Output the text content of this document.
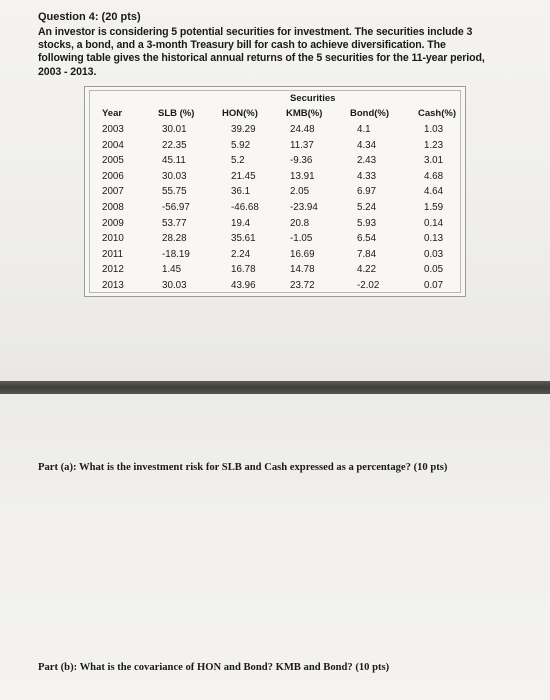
Question 4: (20 pts)
An investor is considering 5 potential securities for investment. The securities include 3
stocks, a bond, and a 3-month Treasury bill for cash to achieve diversification. The
following table gives the historical annual returns of the 5 securities for the 11-year period,
2003 - 2013.
Securities
Year	SLB (%)	HON(%)	KMB(%)	Bond(%)	Cash(%)
2003	30.01	39.29	24.48	4.1	1.03
2004	22.35	5.92	11.37	4.34	1.23
2005	45.11	5.2	-9.36	2.43	3.01
2006	30.03	21.45	13.91	4.33	4.68
2007	55.75	36.1	2.05	6.97	4.64
2008	-56.97	-46.68	-23.94	5.24	1.59
2009	53.77	19.4	20.8	5.93	0.14
2010	28.28	35.61	-1.05	6.54	0.13
2011	-18.19	2.24	16.69	7.84	0.03
2012	1.45	16.78	14.78	4.22	0.05
2013	30.03	43.96	23.72	-2.02	0.07
Part (a): What is the investment risk for SLB and Cash expressed as a percentage? (10 pts)
Part (b): What is the covariance of HON and Bond? KMB and Bond? (10 pts)
